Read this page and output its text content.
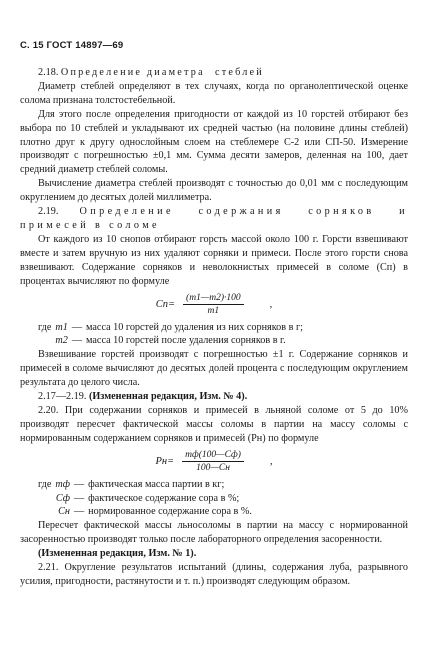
С. 15 ГОСТ 14897—69

2.18. Определение диаметра стеблей

Диаметр стеблей определяют в тех случаях, когда по органолептической оценке солома признана толстостебельной.

Для этого после определения пригодности от каждой из 10 горстей отбирают без выбора по 10 стеблей и укладывают их средней частью (на половине длины стеблей) плотно друг к другу однослойным слоем на стеблемере С-2 или СП-50. Измерение производят с погрешностью ±0,1 мм. Сумма десяти замеров, деленная на 100, дает средний диаметр стеблей соломы.

Вычисление диаметра стеблей производят с точностью до 0,01 мм с последующим округлением до десятых долей миллиметра.

2.19. Определение содержания сорняков и примесей в соломе

От каждого из 10 снопов отбирают горсть массой около 100 г. Горсти взвешивают вместе и затем вручную из них удаляют сорняки и примеси. После этого горсти снова взвешивают. Содержание сорняков и неволокнистых примесей в соломе (Сп) в процентах вычисляют по формуле

$Сп= \frac{(m1—m2)\cdot 100}{m1}$ ,
где	m1	—	масса 10 горстей до удаления из них сорняков в г;
	m2	—	масса 10 горстей после удаления сорняков в г.

Взвешивание горстей производят с погрешностью ±1 г. Содержание сорняков и примесей в соломе вычисляют до десятых долей процента с последующим округлением результата до целого числа.

2.17—2.19. (Измененная редакция, Изм. № 4).

2.20. При содержании сорняков и примесей в льняной соломе от 5 до 10% производят пересчет фактической массы соломы в партии на массу соломы с нормированным содержанием сорняков и примесей (Рн) по формуле

$Рн= \frac{mф(100—Сф)}{100—Сн}$ ,
где	mф	—	фактическая масса партии в кг;
	Сф	—	фактическое содержание сора в %;
	Сн	—	нормированное содержание сора в %.

Пересчет фактической массы льносоломы в партии на массу с нормированной засоренностью производят только после лабораторного определения засоренности.

(Измененная редакция, Изм. № 1).

2.21. Округление результатов испытаний (длины, содержания луба, разрывного усилия, пригодности, растянутости и т. п.) производят следующим образом.
